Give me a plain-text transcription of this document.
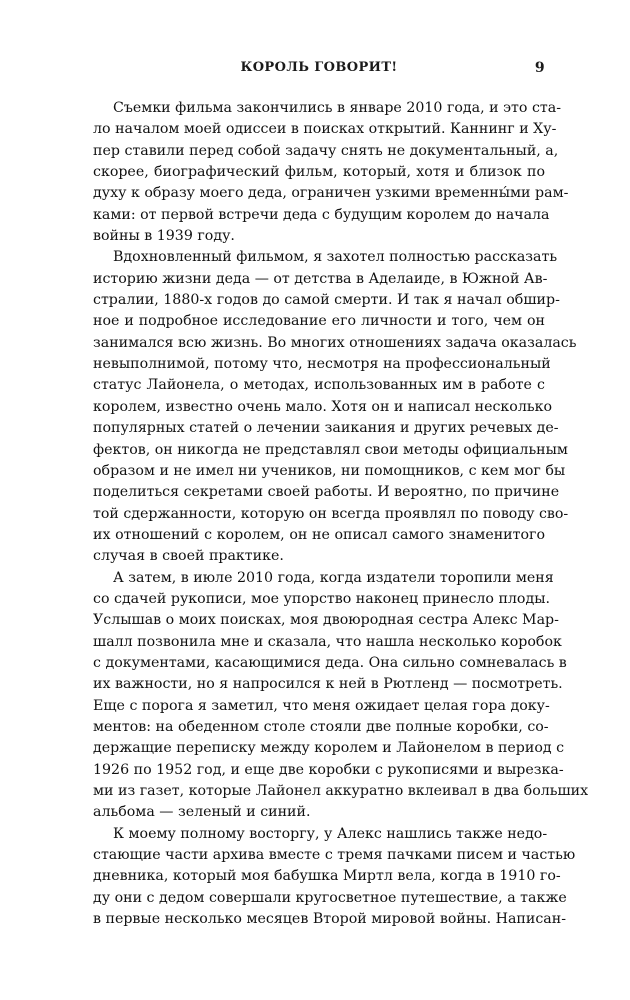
КОРОЛЬ ГОВОРИТ!	9
Съемки фильма закончились в январе 2010 года, и это ста-
ло началом моей одиссеи в поисках открытий. Каннинг и Ху-
пер ставили перед собой задачу снять не документальный, а,
скорее, биографический фильм, который, хотя и близок по
духу к образу моего деда, ограничен узкими временны́ми рам-
ками: от первой встречи деда с будущим королем до начала
войны в 1939 году.
Вдохновленный фильмом, я захотел полностью рассказать
историю жизни деда — от детства в Аделаиде, в Южной Ав-
стралии, 1880-х годов до самой смерти. И так я начал обшир-
ное и подробное исследование его личности и того, чем он
занимался всю жизнь. Во многих отношениях задача оказалась
невыполнимой, потому что, несмотря на профессиональный
статус Лайонела, о методах, использованных им в работе с
королем, известно очень мало. Хотя он и написал несколько
популярных статей о лечении заикания и других речевых де-
фектов, он никогда не представлял свои методы официальным
образом и не имел ни учеников, ни помощников, с кем мог бы
поделиться секретами своей работы. И вероятно, по причине
той сдержанности, которую он всегда проявлял по поводу сво-
их отношений с королем, он не описал самого знаменитого
случая в своей практике.
А затем, в июле 2010 года, когда издатели торопили меня
со сдачей рукописи, мое упорство наконец принесло плоды.
Услышав о моих поисках, моя двоюродная сестра Алекс Мар-
шалл позвонила мне и сказала, что нашла несколько коробок
с документами, касающимися деда. Она сильно сомневалась в
их важности, но я напросился к ней в Рютленд — посмотреть.
Еще с порога я заметил, что меня ожидает целая гора доку-
ментов: на обеденном столе стояли две полные коробки, со-
держащие переписку между королем и Лайонелом в период с
1926 по 1952 год, и еще две коробки с рукописями и вырезка-
ми из газет, которые Лайонел аккуратно вклеивал в два больших
альбома — зеленый и синий.
К моему полному восторгу, у Алекс нашлись также недо-
стающие части архива вместе с тремя пачками писем и частью
дневника, который моя бабушка Миртл вела, когда в 1910 го-
ду они с дедом совершали кругосветное путешествие, а также
в первые несколько месяцев Второй мировой войны. Написан-
